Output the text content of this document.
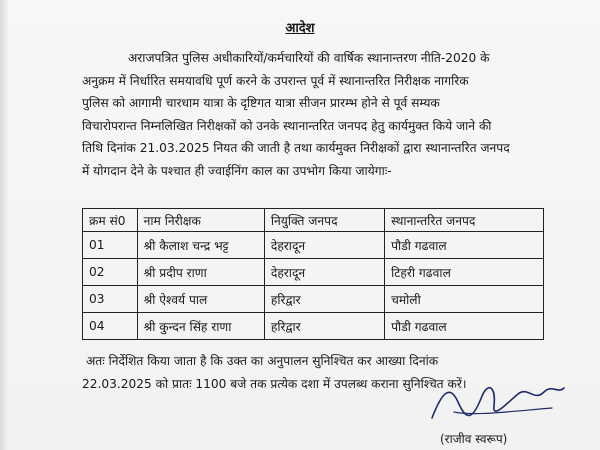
आदेश

अराजपत्रित पुलिस अधीकारियों/कर्मचारियों की वार्षिक स्थानान्तरण नीति-2020 के

अनुक्रम में निर्धारित समयावधि पूर्ण करने के उपरान्त पूर्व में स्थानान्तरित निरीक्षक नागरिक

पुलिस को आगामी चारधाम यात्रा के दृष्टिगत यात्रा सीजन प्रारम्भ होने से पूर्व सम्यक

विचारोपरान्त निम्नलिखित निरीक्षकों को उनके स्थानान्तरित जनपद हेतु कार्यमुक्त किये जाने की

तिथि दिनांक 21.03.2025 नियत की जाती है तथा कार्यमुक्त निरीक्षकों द्वारा स्थानान्तरित जनपद

में योगदान देने के पश्चात ही ज्वाईनिंग काल का उपभोग किया जायेगाः-

क्रम सं0	नाम निरीक्षक	नियुक्ति जनपद	स्थानान्तरित जनपद
01	श्री कैलाश चन्द्र भट्ट	देहरादून	पौडी गढवाल
02	श्री प्रदीप राणा	देहरादून	टिहरी गढवाल
03	श्री ऐश्वर्य पाल	हरिद्वार	चमोली
04	श्री कुन्दन सिंह राणा	हरिद्वार	पौडी गढवाल

अतः निर्देशित किया जाता है कि उक्त का अनुपालन सुनिश्चित कर आख्या दिनांक

22.03.2025 को प्रातः 1100 बजे तक प्रत्येक दशा में उपलब्ध कराना सुनिश्चित करें।

(राजीव स्वरूप)
